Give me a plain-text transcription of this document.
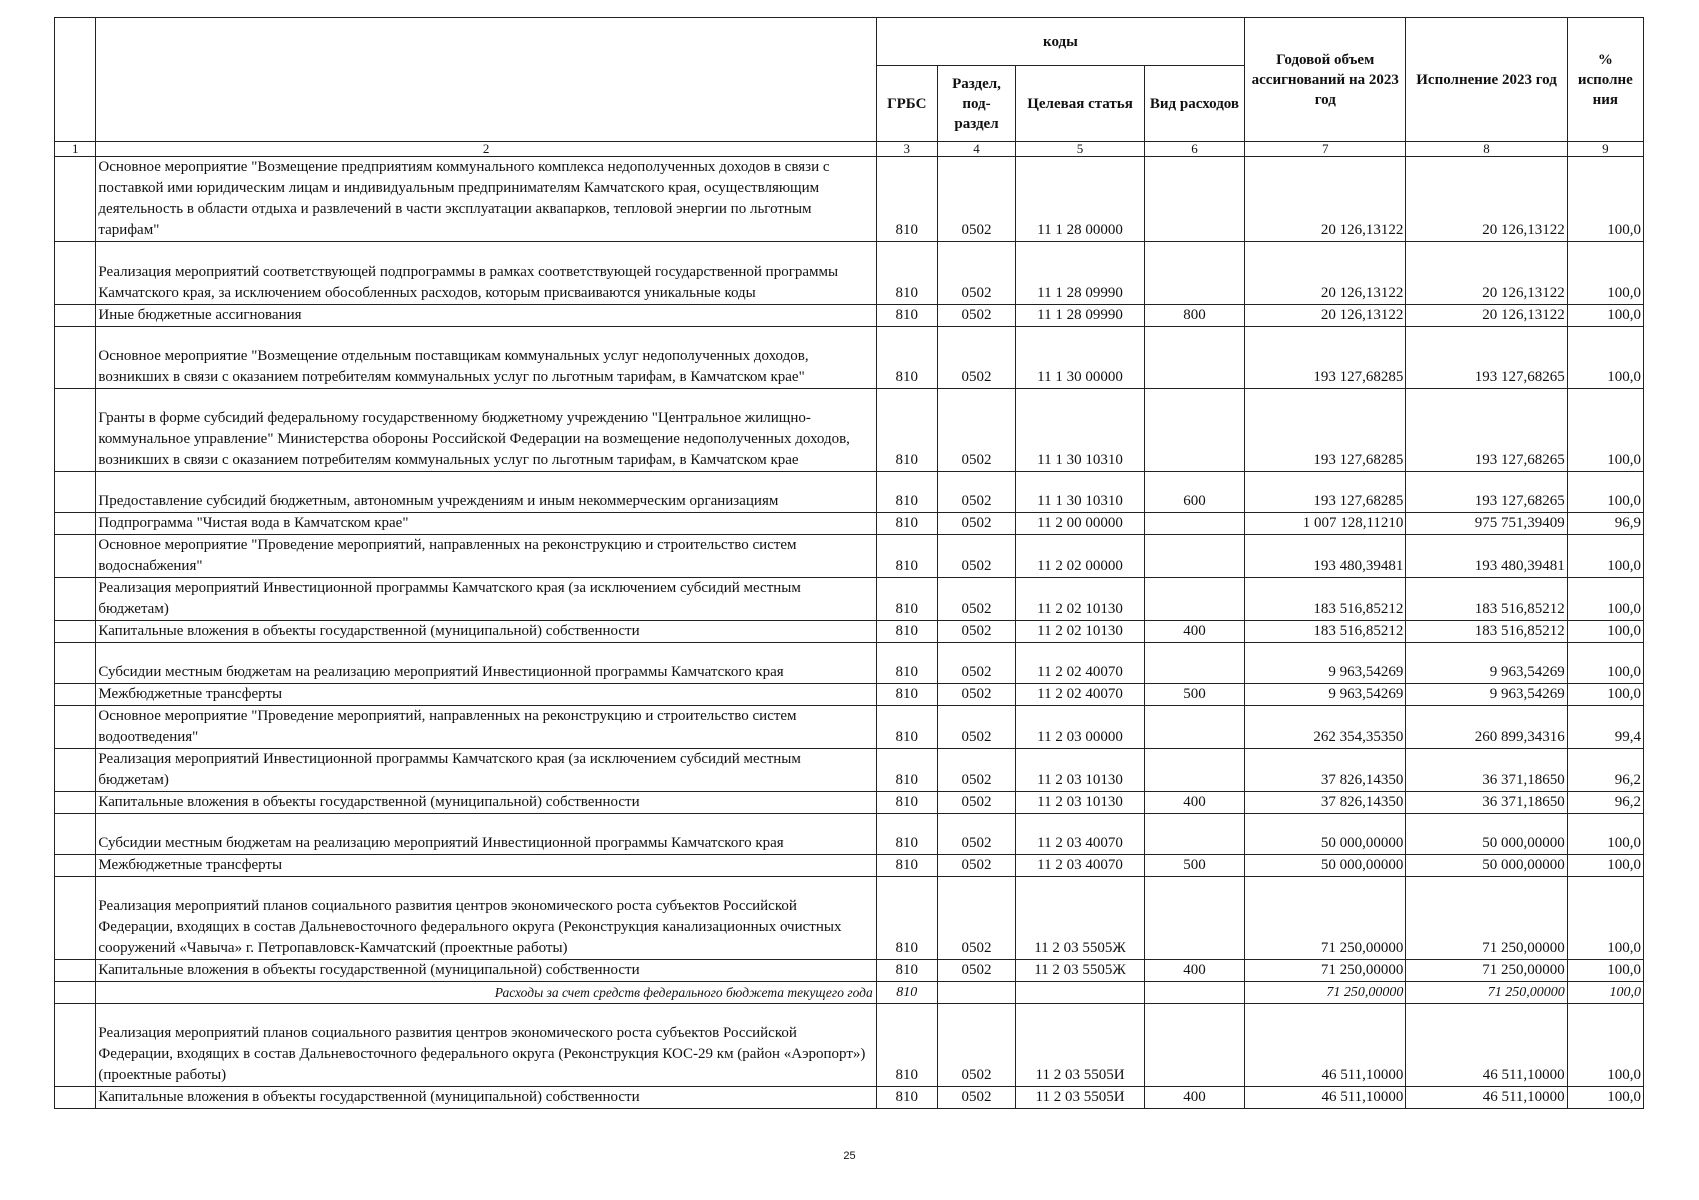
		коды				Годовой объем ассигнований на 2023 год	Исполнение 2023 год	% исполне ния
		ГРБС	Раздел, под-раздел	Целевая статья	Вид расходов			
1	2	3	4	5	6	7	8	9
	Основное мероприятие "Возмещение предприятиям коммунального комплекса недополученных доходов в связи с поставкой ими юридическим лицам и индивидуальным предпринимателям Камчатского края, осуществляющим деятельность в области отдыха и развлечений в части эксплуатации аквапарков, тепловой энергии по льготным тарифам"	810	0502	11 1 28 00000		20 126,13122	20 126,13122	100,0
	Реализация мероприятий соответствующей подпрограммы в рамках соответствующей государственной программы Камчатского края, за исключением обособленных расходов, которым присваиваются уникальные коды	810	0502	11 1 28 09990		20 126,13122	20 126,13122	100,0
	Иные бюджетные ассигнования	810	0502	11 1 28 09990	800	20 126,13122	20 126,13122	100,0
	Основное мероприятие "Возмещение отдельным поставщикам коммунальных услуг недополученных доходов, возникших в связи с оказанием потребителям коммунальных услуг по льготным тарифам, в Камчатском крае"	810	0502	11 1 30 00000		193 127,68285	193 127,68265	100,0
	Гранты в форме субсидий федеральному государственному бюджетному учреждению "Центральное жилищно-коммунальное управление" Министерства обороны Российской Федерации на возмещение недополученных доходов, возникших в связи с оказанием потребителям коммунальных услуг по льготным тарифам, в Камчатском крае	810	0502	11 1 30 10310		193 127,68285	193 127,68265	100,0
	Предоставление субсидий бюджетным, автономным учреждениям и иным некоммерческим организациям	810	0502	11 1 30 10310	600	193 127,68285	193 127,68265	100,0
	Подпрограмма "Чистая вода в Камчатском крае"	810	0502	11 2 00 00000		1 007 128,11210	975 751,39409	96,9
	Основное мероприятие "Проведение мероприятий, направленных на реконструкцию и строительство систем водоснабжения"	810	0502	11 2 02 00000		193 480,39481	193 480,39481	100,0
	Реализация мероприятий Инвестиционной программы Камчатского края (за исключением субсидий местным бюджетам)	810	0502	11 2 02 10130		183 516,85212	183 516,85212	100,0
	Капитальные вложения в объекты государственной (муниципальной) собственности	810	0502	11 2 02 10130	400	183 516,85212	183 516,85212	100,0
	Субсидии местным бюджетам на реализацию мероприятий Инвестиционной программы Камчатского края	810	0502	11 2 02 40070		9 963,54269	9 963,54269	100,0
	Межбюджетные трансферты	810	0502	11 2 02 40070	500	9 963,54269	9 963,54269	100,0
	Основное мероприятие "Проведение мероприятий, направленных на реконструкцию и строительство систем водоотведения"	810	0502	11 2 03 00000		262 354,35350	260 899,34316	99,4
	Реализация мероприятий Инвестиционной программы Камчатского края (за исключением субсидий местным бюджетам)	810	0502	11 2 03 10130		37 826,14350	36 371,18650	96,2
	Капитальные вложения в объекты государственной (муниципальной) собственности	810	0502	11 2 03 10130	400	37 826,14350	36 371,18650	96,2
	Субсидии местным бюджетам на реализацию мероприятий Инвестиционной программы Камчатского края	810	0502	11 2 03 40070		50 000,00000	50 000,00000	100,0
	Межбюджетные трансферты	810	0502	11 2 03 40070	500	50 000,00000	50 000,00000	100,0
	Реализация мероприятий планов социального развития центров экономического роста субъектов Российской Федерации, входящих в состав Дальневосточного федерального округа (Реконструкция канализационных очистных сооружений «Чавыча» г. Петропавловск-Камчатский (проектные работы)	810	0502	11 2 03 5505Ж		71 250,00000	71 250,00000	100,0
	Капитальные вложения в объекты государственной (муниципальной) собственности	810	0502	11 2 03 5505Ж	400	71 250,00000	71 250,00000	100,0
	Расходы за счет средств федерального бюджета текущего года	810				71 250,00000	71 250,00000	100,0
	Реализация мероприятий планов социального развития центров экономического роста субъектов Российской Федерации, входящих в состав Дальневосточного федерального округа (Реконструкция КОС-29 км (район «Аэропорт») (проектные работы)	810	0502	11 2 03 5505И		46 511,10000	46 511,10000	100,0
	Капитальные вложения в объекты государственной (муниципальной) собственности	810	0502	11 2 03 5505И	400	46 511,10000	46 511,10000	100,0
25
